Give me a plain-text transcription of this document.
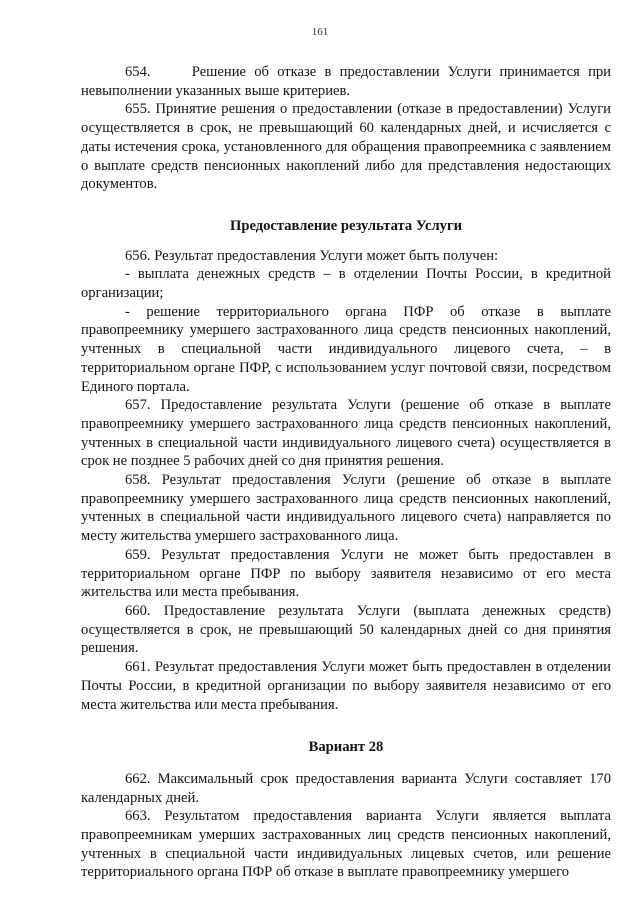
161

654.     Решение об отказе в предоставлении Услуги принимается при невыполнении указанных выше критериев.

655. Принятие решения о предоставлении (отказе в предоставлении) Услуги осуществляется в срок, не превышающий 60 календарных дней, и исчисляется с даты истечения срока, установленного для обращения правопреемника с заявлением о выплате средств пенсионных накоплений либо для представления недостающих документов.

Предоставление результата Услуги

656. Результат предоставления Услуги может быть получен:

- выплата денежных средств – в отделении Почты России, в кредитной организации;

- решение территориального органа ПФР об отказе в выплате правопреемнику умершего застрахованного лица средств пенсионных накоплений, учтенных в специальной части индивидуального лицевого счета, – в территориальном органе ПФР, с использованием услуг почтовой связи, посредством Единого портала.

657. Предоставление результата Услуги (решение об отказе в выплате правопреемнику умершего застрахованного лица средств пенсионных накоплений, учтенных в специальной части индивидуального лицевого счета) осуществляется в срок не позднее 5 рабочих дней со дня принятия решения.

658. Результат предоставления Услуги (решение об отказе в выплате правопреемнику умершего застрахованного лица средств пенсионных накоплений, учтенных в специальной части индивидуального лицевого счета) направляется по месту жительства умершего застрахованного лица.

659. Результат предоставления Услуги не может быть предоставлен в территориальном органе ПФР по выбору заявителя независимо от его места жительства или места пребывания.

660. Предоставление результата Услуги (выплата денежных средств) осуществляется в срок, не превышающий 50 календарных дней со дня принятия решения.

661. Результат предоставления Услуги может быть предоставлен в отделении Почты России, в кредитной организации по выбору заявителя независимо от его места жительства или места пребывания.

Вариант 28

662. Максимальный срок предоставления варианта Услуги составляет 170 календарных дней.

663. Результатом предоставления варианта Услуги является выплата правопреемникам умерших застрахованных лиц средств пенсионных накоплений, учтенных в специальной части индивидуальных лицевых счетов, или решение территориального органа ПФР об отказе в выплате правопреемнику умершего
